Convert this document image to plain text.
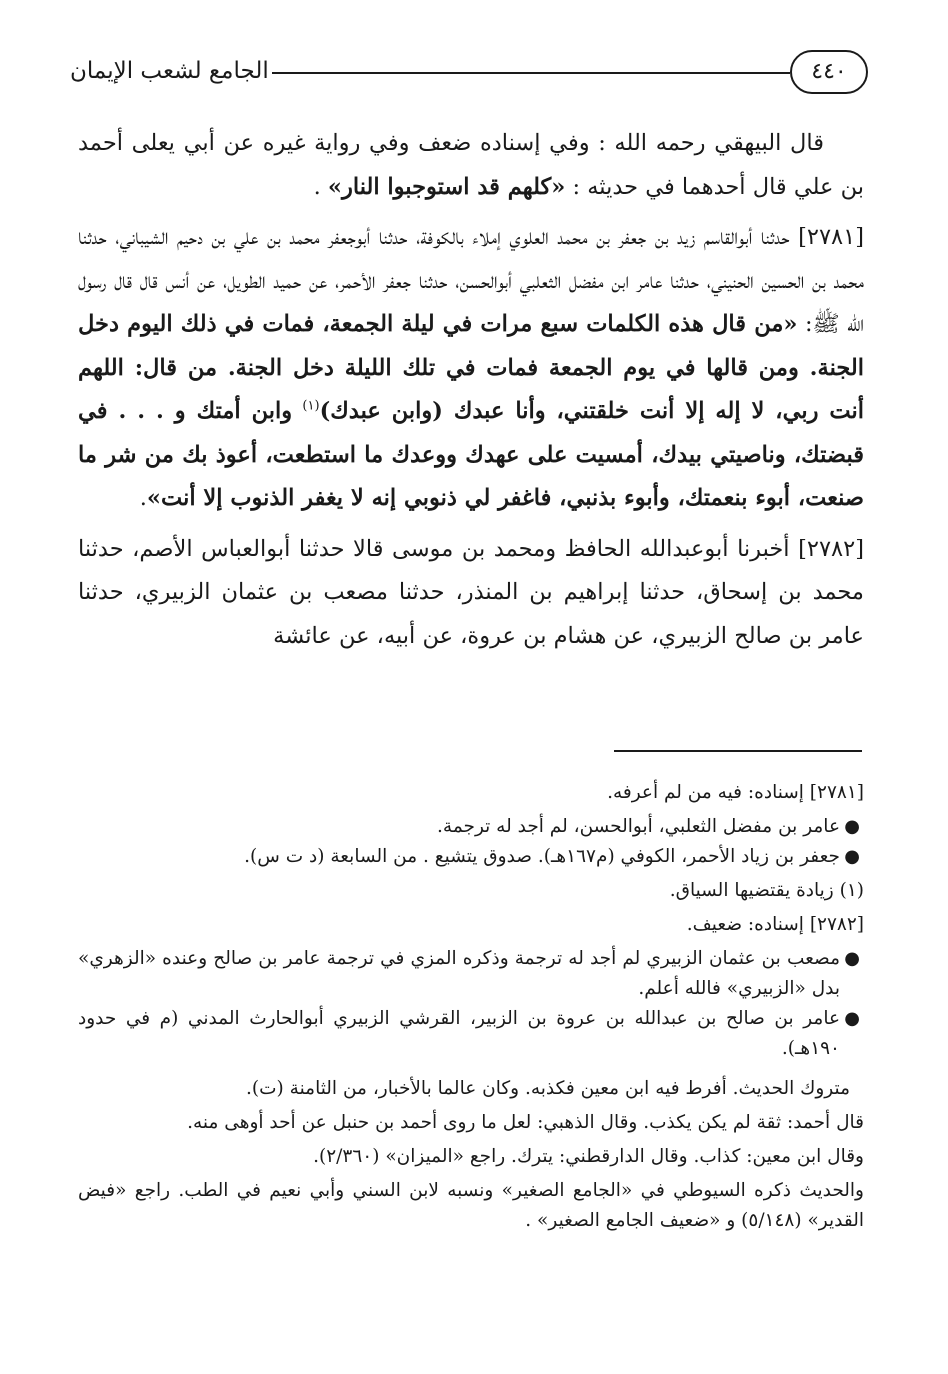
الجامع لشعب الإيمان	٤٤٠

قال البيهقي رحمه الله : وفي إسناده ضعف وفي رواية غيره عن أبي يعلى أحمد بن علي قال أحدهما في حديثه : «كلهم قد استوجبوا النار» .

[٢٧٨١] حدثنا أبوالقاسم زيد بن جعفر بن محمد العلوي إملاء بالكوفة، حدثنا أبوجعفر محمد بن علي بن دحيم الشيباني، حدثنا محمد بن الحسين الحنيني، حدثنا عامر ابن مفضل الثعلبي أبوالحسن، حدثنا جعفر الأحمر، عن حميد الطويل، عن أنس قال قال رسول الله ﷺ: «من قال هذه الكلمات سبع مرات في ليلة الجمعة، فمات في ذلك اليوم دخل الجنة. ومن قالها في يوم الجمعة فمات في تلك الليلة دخل الجنة. من قال: اللهم أنت ربي، لا إله إلا أنت خلقتني، وأنا عبدك (وابن عبدك)$^{(١)}$ وابن أمتك و . . . في قبضتك، وناصيتي بيدك، أمسيت على عهدك ووعدك ما استطعت، أعوذ بك من شر ما صنعت، أبوء بنعمتك، وأبوء بذنبي، فاغفر لي ذنوبي إنه لا يغفر الذنوب إلا أنت».

[٢٧٨٢] أخبرنا أبوعبدالله الحافظ ومحمد بن موسى قالا حدثنا أبوالعباس الأصم، حدثنا محمد بن إسحاق، حدثنا إبراهيم بن المنذر، حدثنا مصعب بن عثمان الزبيري، حدثنا عامر بن صالح الزبيري، عن هشام بن عروة، عن أبيه، عن عائشة

[٢٧٨١] إسناده: فيه من لم أعرفه.

●
عامر بن مفضل الثعلبي، أبوالحسن، لم أجد له ترجمة.
●
جعفر بن زياد الأحمر، الكوفي (م١٦٧هـ). صدوق يتشيع . من السابعة (د ت س).

(١) زيادة يقتضيها السياق.

[٢٧٨٢] إسناده: ضعيف.

●
مصعب بن عثمان الزبيري لم أجد له ترجمة وذكره المزي في ترجمة عامر بن صالح وعنده «الزهري» بدل «الزبيري» فالله أعلم.
●
عامر بن صالح بن عبدالله بن عروة بن الزبير، القرشي الزبيري أبوالحارث المدني (م في حدود ١٩٠هـ).

متروك الحديث. أفرط فيه ابن معين فكذبه. وكان عالما بالأخبار، من الثامنة (ت).

قال أحمد: ثقة لم يكن يكذب. وقال الذهبي: لعل ما روى أحمد بن حنبل عن أحد أوهى منه.

وقال ابن معين: كذاب. وقال الدارقطني: يترك. راجع «الميزان» (٢/٣٦٠).

والحديث ذكره السيوطي في «الجامع الصغير» ونسبه لابن السني وأبي نعيم في الطب. راجع «فيض القدير» (٥/١٤٨) و «ضعيف الجامع الصغير» .
